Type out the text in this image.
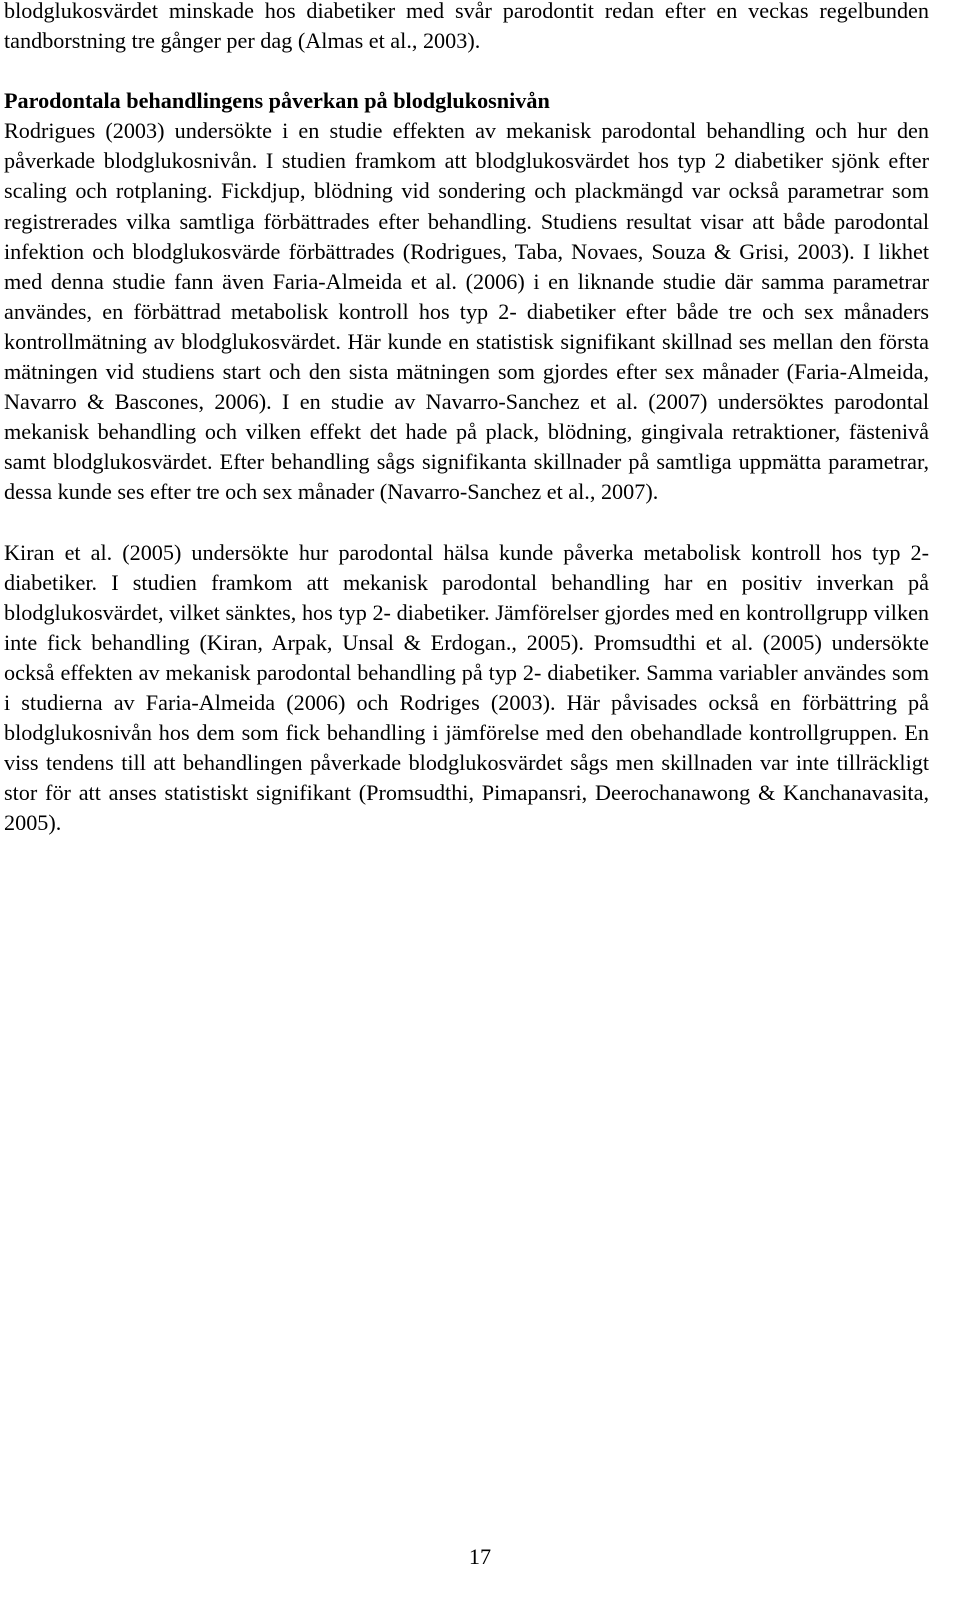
blodglukosvärdet minskade hos diabetiker med svår parodontit redan efter en veckas regelbunden tandborstning tre gånger per dag (Almas et al., 2003).

Parodontala behandlingens påverkan på blodglukosnivån

Rodrigues (2003) undersökte i en studie effekten av mekanisk parodontal behandling och hur den påverkade blodglukosnivån. I studien framkom att blodglukosvärdet hos typ 2 diabetiker sjönk efter scaling och rotplaning. Fickdjup, blödning vid sondering och plackmängd var också parametrar som registrerades vilka samtliga förbättrades efter behandling. Studiens resultat visar att både parodontal infektion och blodglukosvärde förbättrades (Rodrigues, Taba, Novaes, Souza & Grisi, 2003). I likhet med denna studie fann även Faria-Almeida et al. (2006) i en liknande studie där samma parametrar användes, en förbättrad metabolisk kontroll hos typ 2- diabetiker efter både tre och sex månaders kontrollmätning av blodglukosvärdet. Här kunde en statistisk signifikant skillnad ses mellan den första mätningen vid studiens start och den sista mätningen som gjordes efter sex månader (Faria-Almeida, Navarro & Bascones, 2006). I en studie av Navarro-Sanchez et al. (2007) undersöktes parodontal mekanisk behandling och vilken effekt det hade på plack, blödning, gingivala retraktioner, fästenivå samt blodglukosvärdet. Efter behandling sågs signifikanta skillnader på samtliga uppmätta parametrar, dessa kunde ses efter tre och sex månader (Navarro-Sanchez et al., 2007).

Kiran et al. (2005) undersökte hur parodontal hälsa kunde påverka metabolisk kontroll hos typ 2- diabetiker. I studien framkom att mekanisk parodontal behandling har en positiv inverkan på blodglukosvärdet, vilket sänktes, hos typ 2- diabetiker. Jämförelser gjordes med en kontrollgrupp vilken inte fick behandling (Kiran, Arpak, Unsal & Erdogan., 2005). Promsudthi et al. (2005) undersökte också effekten av mekanisk parodontal behandling på typ 2- diabetiker. Samma variabler användes som i studierna av Faria-Almeida (2006) och Rodriges (2003). Här påvisades också en förbättring på blodglukosnivån hos dem som fick behandling i jämförelse med den obehandlade kontrollgruppen. En viss tendens till att behandlingen påverkade blodglukosvärdet sågs men skillnaden var inte tillräckligt stor för att anses statistiskt signifikant (Promsudthi, Pimapansri, Deerochanawong & Kanchanavasita, 2005).

17
